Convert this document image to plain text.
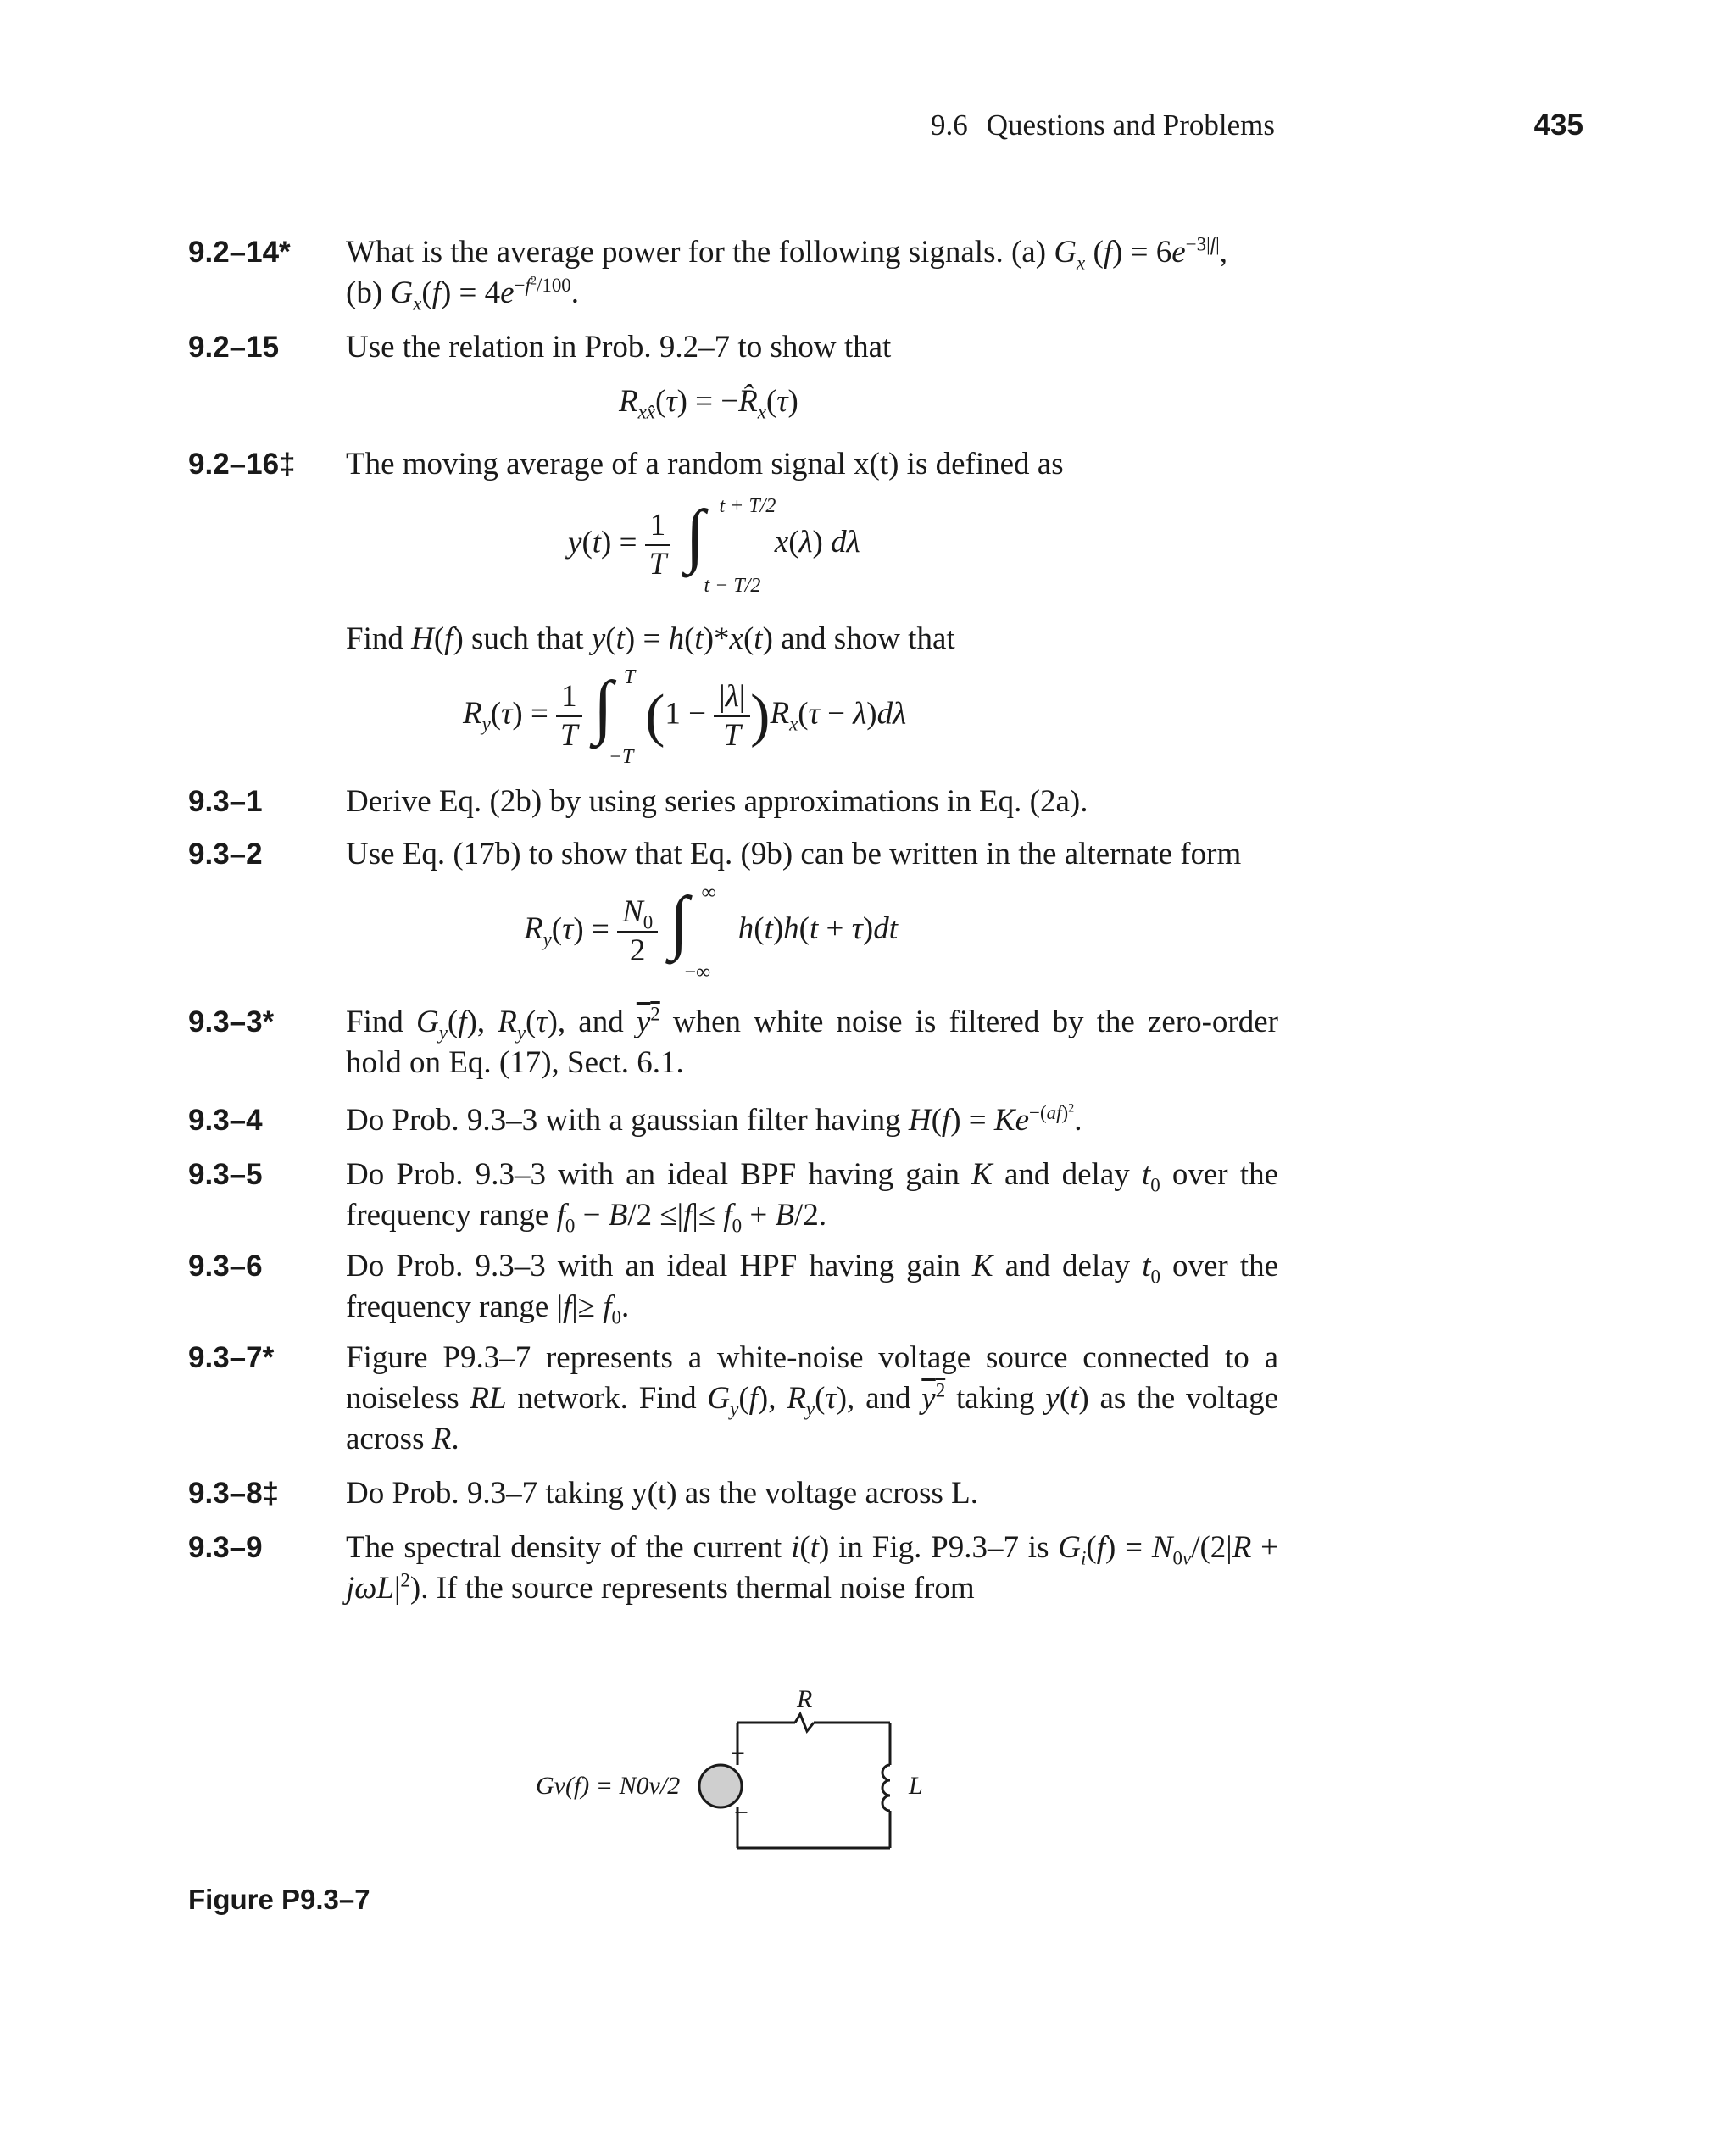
9.6 Questions and Problems	435
9.2–14* What is the average power for the following signals. (a) $G_x$ $(f) = 6e^{-3|f|}$,
(b) $G_x(f) = 4e^{-f^2/100}$.
9.2–15 Use the relation in Prob. 9.2–7 to show that
$R_{xx̂}(\tau)$ = $-R̂_x(\tau)$
9.2–16‡ The moving average of a random signal x(t) is defined as
$y(t) = \frac{1}{T}$
∫ t + T/2
t − T/2
x(λ) dλ
Find H(f) such that y(t) = h(t)*x(t) and show that
$R_y(\tau) = \frac{1}{T}$
∫ T
−T
$(1 - \frac{|\lambda|}{T} )R_x(\tau - \lambda)d\lambda$
9.3–1	Derive Eq. (2b) by using series approximations in Eq. (2a).
9.3–2	Use Eq. (17b) to show that Eq. (9b) can be written in the alternate form
$R_y(\tau) = \frac{N_0}{2}$
∫ ∞
−∞
h(t)h(t + τ)dt
9.3–3* Find $G_y(f)$, $R_y(\tau)$, and $y^2$ when white noise is filtered by the zero-order hold on Eq. (17), Sect. 6.1.
9.3–4	Do Prob. 9.3–3 with a gaussian filter having $H(f) = Ke^{-(af)^2}$.
9.3–5	Do Prob. 9.3–3 with an ideal BPF having gain K and delay $t_0$ over the frequency range $f_0 - B/2 \le|f|\le f_0 + B/2$.
9.3–6	Do Prob. 9.3–3 with an ideal HPF having gain K and delay $t_0$ over the frequency range $|f|\ge f_0$.
9.3–7* Figure P9.3–7 represents a white-noise voltage source connected to a noiseless RL network. Find $G_y(f)$, $R_y(\tau)$, and $y^2$ taking y(t) as the voltage across R.
9.3–8‡ Do Prob. 9.3–7 taking y(t) as the voltage across L.
9.3–9	The spectral density of the current i(t) in Fig. P9.3–7 is $G_i(f) = N_{0v}/(2|R + j\omega L|^2)$. If the source represents thermal noise from
R
L
+
−
Gv(f) = N0v/2
Figure P9.3–7
